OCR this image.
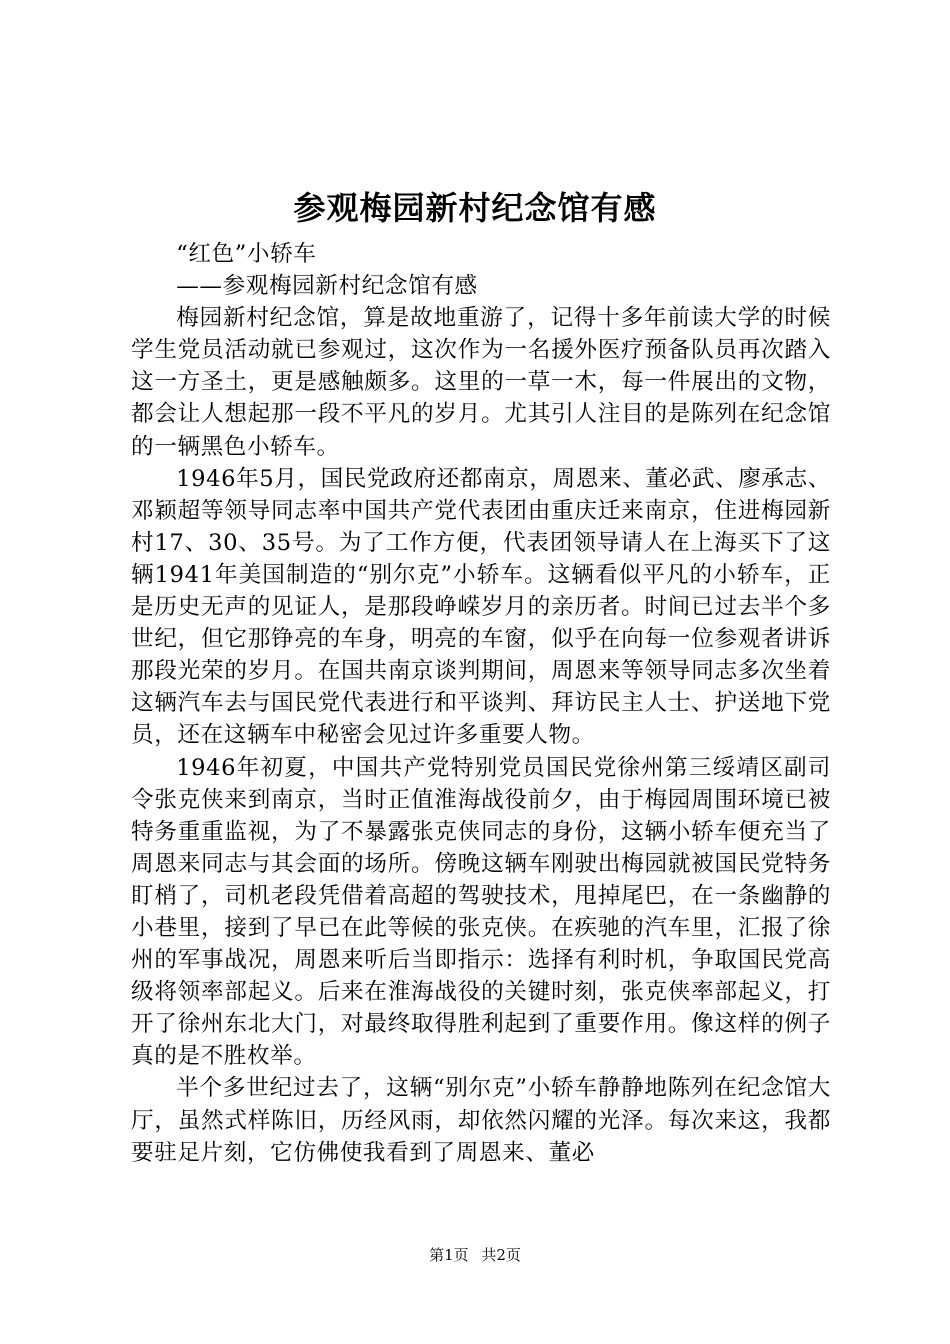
参观梅园新村纪念馆有感

“红色”小轿车

——参观梅园新村纪念馆有感

梅园新村纪念馆，算是故地重游了，记得十多年前读大学的时候学生党员活动就已参观过，这次作为一名援外医疗预备队员再次踏入这一方圣土，更是感触颇多。这里的一草一木，每一件展出的文物，都会让人想起那一段不平凡的岁月。尤其引人注目的是陈列在纪念馆的一辆黑色小轿车。

1946年5月，国民党政府还都南京，周恩来、董必武、廖承志、邓颖超等领导同志率中国共产党代表团由重庆迁来南京，住进梅园新村17、30、35号。为了工作方便，代表团领导请人在上海买下了这辆1941年美国制造的“别尔克”小轿车。这辆看似平凡的小轿车，正是历史无声的见证人，是那段峥嵘岁月的亲历者。时间已过去半个多世纪，但它那铮亮的车身，明亮的车窗，似乎在向每一位参观者讲诉那段光荣的岁月。在国共南京谈判期间，周恩来等领导同志多次坐着这辆汽车去与国民党代表进行和平谈判、拜访民主人士、护送地下党员，还在这辆车中秘密会见过许多重要人物。

1946年初夏，中国共产党特别党员国民党徐州第三绥靖区副司令张克侠来到南京，当时正值淮海战役前夕，由于梅园周围环境已被特务重重监视，为了不暴露张克侠同志的身份，这辆小轿车便充当了周恩来同志与其会面的场所。傍晚这辆车刚驶出梅园就被国民党特务盯梢了，司机老段凭借着高超的驾驶技术，甩掉尾巴，在一条幽静的小巷里，接到了早已在此等候的张克侠。在疾驰的汽车里，汇报了徐州的军事战况，周恩来听后当即指示：选择有利时机，争取国民党高级将领率部起义。后来在淮海战役的关键时刻，张克侠率部起义，打开了徐州东北大门，对最终取得胜利起到了重要作用。像这样的例子真的是不胜枚举。

半个多世纪过去了，这辆“别尔克”小轿车静静地陈列在纪念馆大厅，虽然式样陈旧，历经风雨，却依然闪耀的光泽。每次来这，我都要驻足片刻，它仿佛使我看到了周恩来、董必

第1页 共2页
